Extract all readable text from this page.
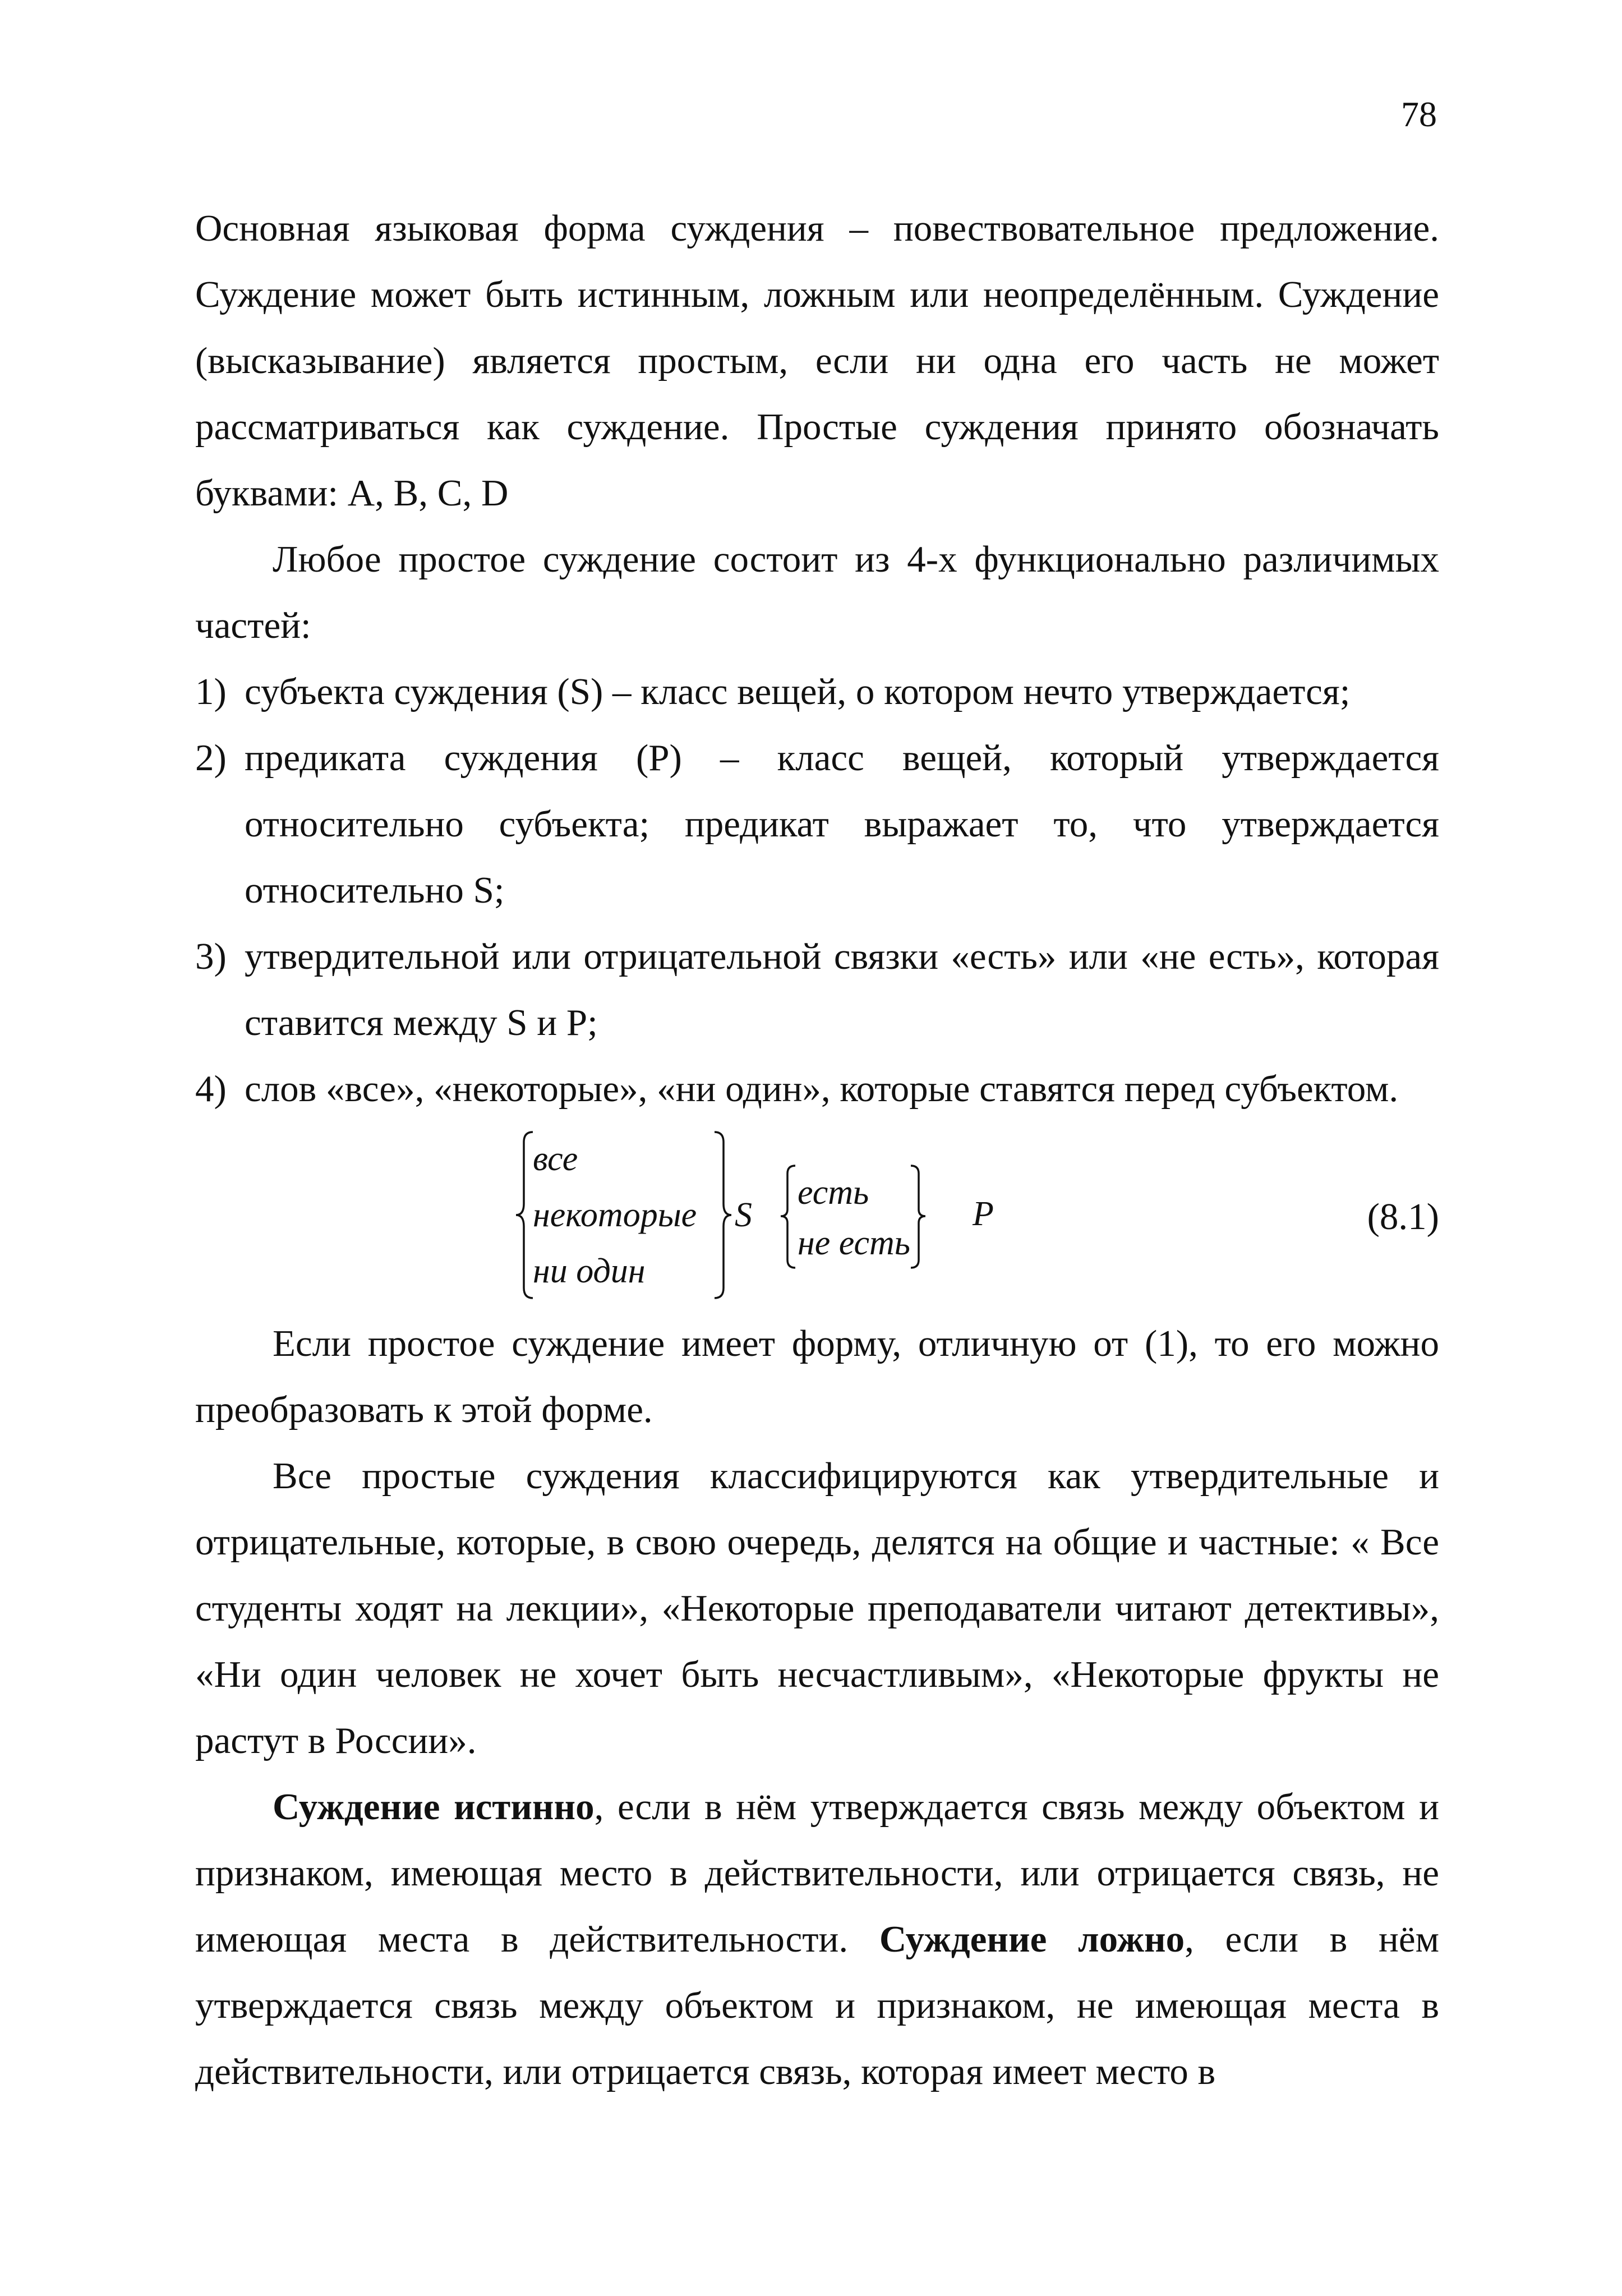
78

Основная языковая форма суждения – повествовательное предложение. Суждение может быть истинным, ложным или неопределённым. Суждение (высказывание) является простым, если ни одна его часть не может рассматриваться как суждение. Простые суждения принято обозначать буквами: A, B, C, D

Любое простое суждение состоит из 4-х функционально различимых частей:

1) субъекта суждения (S) – класс вещей, о котором нечто утверждается;
2) предиката суждения (P) – класс вещей, который утверждается относительно субъекта; предикат выражает то, что утверждается относительно S;
3) утвердительной или отрицательной связки «есть» или «не есть», которая ставится между S и P;
4) слов «все», «некоторые», «ни один», которые ставятся перед субъектом.
все
некоторые
ни один
S
есть
не есть
P	(8.1)

Если простое суждение имеет форму, отличную от (1), то его можно преобразовать к этой форме.

Все простые суждения классифицируются как утвердительные и отрицательные, которые, в свою очередь, делятся на общие и частные: « Все студенты ходят на лекции», «Некоторые преподаватели читают детективы», «Ни один человек не хочет быть несчастливым», «Некоторые фрукты не растут в России».

Суждение истинно, если в нём утверждается связь между объектом и признаком, имеющая место в действительности, или отрицается связь, не имеющая места в действительности. Суждение ложно, если в нём утверждается связь между объектом и признаком, не имеющая места в действительности, или отрицается связь, которая имеет место в
